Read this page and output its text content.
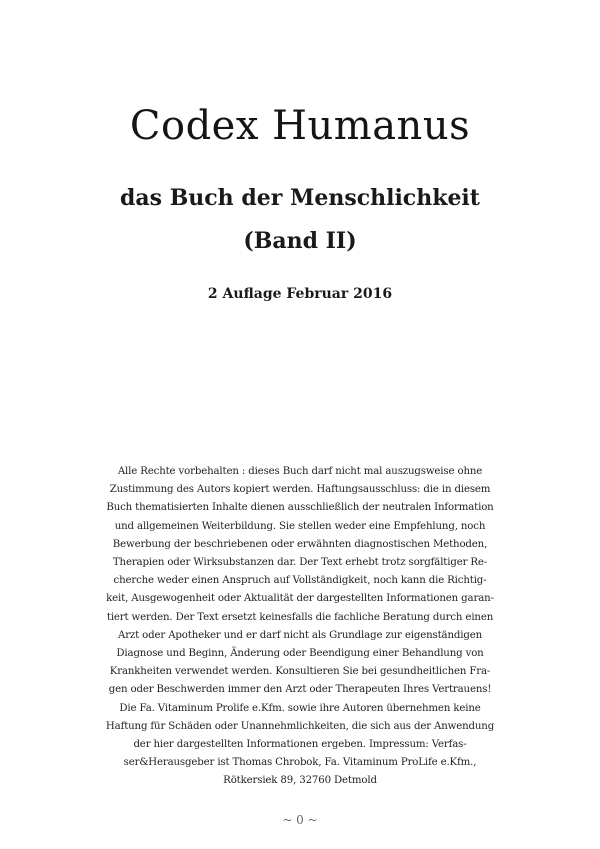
Codex Humanus
das Buch der Menschlichkeit
(Band II)
2 Auflage Februar 2016
Alle Rechte vorbehalten : dieses Buch darf nicht mal auszugsweise ohne
Zustimmung des Autors kopiert werden. Haftungsausschluss: die in diesem
Buch thematisierten Inhalte dienen ausschließlich der neutralen Information
und allgemeinen Weiterbildung. Sie stellen weder eine Empfehlung, noch
Bewerbung der beschriebenen oder erwähnten diagnostischen Methoden,
Therapien oder Wirksubstanzen dar. Der Text erhebt trotz sorgfältiger Re-
cherche weder einen Anspruch auf Vollständigkeit, noch kann die Richtig-
keit, Ausgewogenheit oder Aktualität der dargestellten Informationen garan-
tiert werden. Der Text ersetzt keinesfalls die fachliche Beratung durch einen
Arzt oder Apotheker und er darf nicht als Grundlage zur eigenständigen
Diagnose und Beginn, Änderung oder Beendigung einer Behandlung von
Krankheiten verwendet werden. Konsultieren Sie bei gesundheitlichen Fra-
gen oder Beschwerden immer den Arzt oder Therapeuten Ihres Vertrauens!
Die Fa. Vitaminum Prolife e.Kfm. sowie ihre Autoren übernehmen keine
Haftung für Schäden oder Unannehmlichkeiten, die sich aus der Anwendung
der hier dargestellten Informationen ergeben. Impressum: Verfas-
ser&Herausgeber ist Thomas Chrobok, Fa. Vitaminum ProLife e.Kfm.,
Rötkersiek 89, 32760 Detmold
~ 0 ~
